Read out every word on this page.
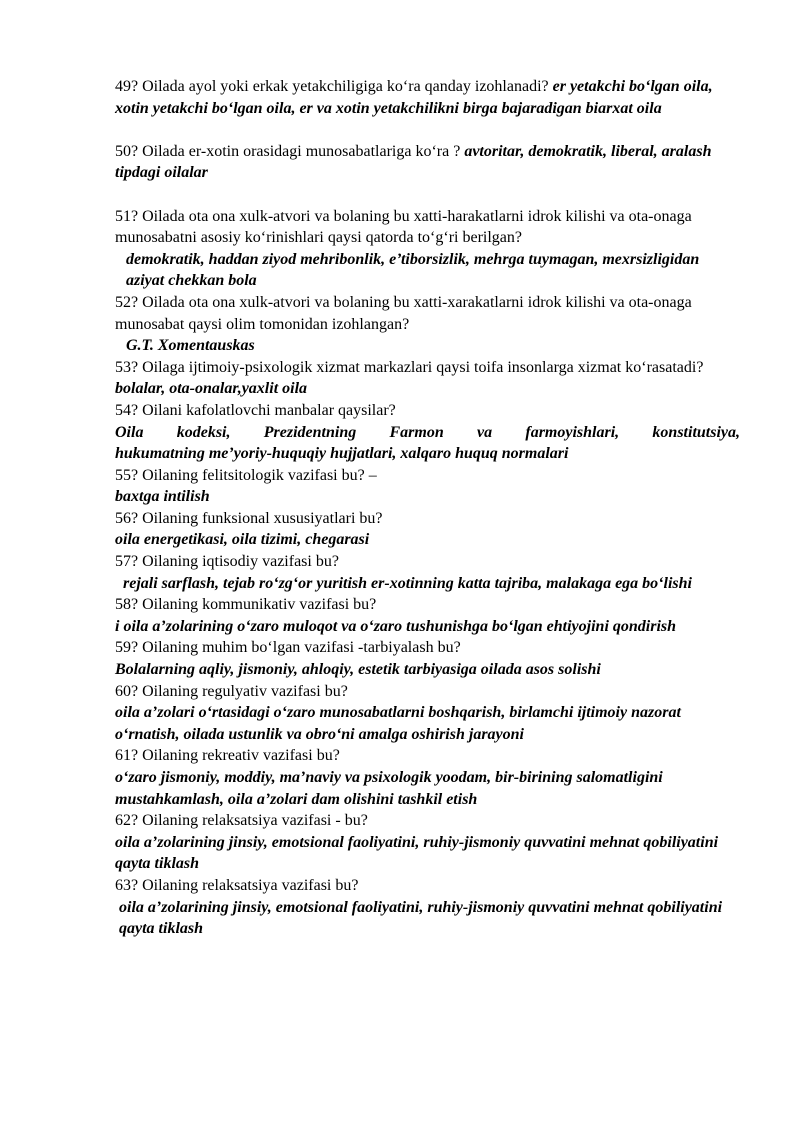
49? Oilada ayol yoki erkak yetakchiligiga ko‘ra qanday izohlanadi? er yetakchi bo‘lgan oila, xotin yetakchi bo‘lgan oila, er va xotin yetakchilikni birga bajaradigan biarxat oila

50? Oilada er-xotin orasidagi munosabatlariga ko‘ra ? avtoritar, demokratik, liberal, aralash tipdagi oilalar

51? Oilada ota ona xulk-atvori va bolaning bu xatti-harakatlarni idrok kilishi va ota-onaga munosabatni asosiy ko‘rinishlari qaysi qatorda to‘g‘ri berilgan?
demokratik, haddan ziyod mehribonlik, e’tiborsizlik, mehrga tuymagan, mexrsizligidan aziyat chekkan bola
52? Oilada ota ona xulk-atvori va bolaning bu xatti-xarakatlarni idrok kilishi va ota-onaga munosabat qaysi olim tomonidan izohlangan?
G.T. Xomentauskas
53? Oilaga ijtimoiy-psixologik xizmat markazlari qaysi toifa insonlarga xizmat ko‘rasatadi?
bolalar, ota-onalar,yaxlit oila
54? Oilani kafolatlovchi manbalar qaysilar?
Oila kodeksi, Prezidentning Farmon va farmoyishlari, konstitutsiya,
hukumatning me’yoriy-huquqiy hujjatlari, xalqaro huquq normalari
55? Oilaning felitsitologik vazifasi bu? –
baxtga intilish
56? Oilaning funksional xususiyatlari bu?
oila energetikasi, oila tizimi, chegarasi
57? Oilaning iqtisodiy vazifasi bu?
rejali sarflash, tejab ro‘zg‘or yuritish er-xotinning katta tajriba, malakaga ega bo‘lishi
58? Oilaning kommunikativ vazifasi bu?
i oila a’zolarining o‘zaro muloqot va o‘zaro tushunishga bo‘lgan ehtiyojini qondirish
59? Oilaning muhim bo‘lgan vazifasi -tarbiyalash bu?
Bolalarning aqliy, jismoniy, ahloqiy, estetik tarbiyasiga oilada asos solishi
60? Oilaning regulyativ vazifasi bu?
oila a’zolari o‘rtasidagi o‘zaro munosabatlarni boshqarish, birlamchi ijtimoiy nazorat o‘rnatish, oilada ustunlik va obro‘ni amalga oshirish jarayoni
61? Oilaning rekreativ vazifasi bu?
o‘zaro jismoniy, moddiy, ma’naviy va psixologik yoodam, bir-birining salomatligini mustahkamlash, oila a’zolari dam olishini tashkil etish
62? Oilaning relaksatsiya vazifasi - bu?
oila a’zolarining jinsiy, emotsional faoliyatini, ruhiy-jismoniy quvvatini mehnat qobiliyatini qayta tiklash
63? Oilaning relaksatsiya vazifasi bu?
oila a’zolarining jinsiy, emotsional faoliyatini, ruhiy-jismoniy quvvatini mehnat qobiliyatini qayta tiklash
